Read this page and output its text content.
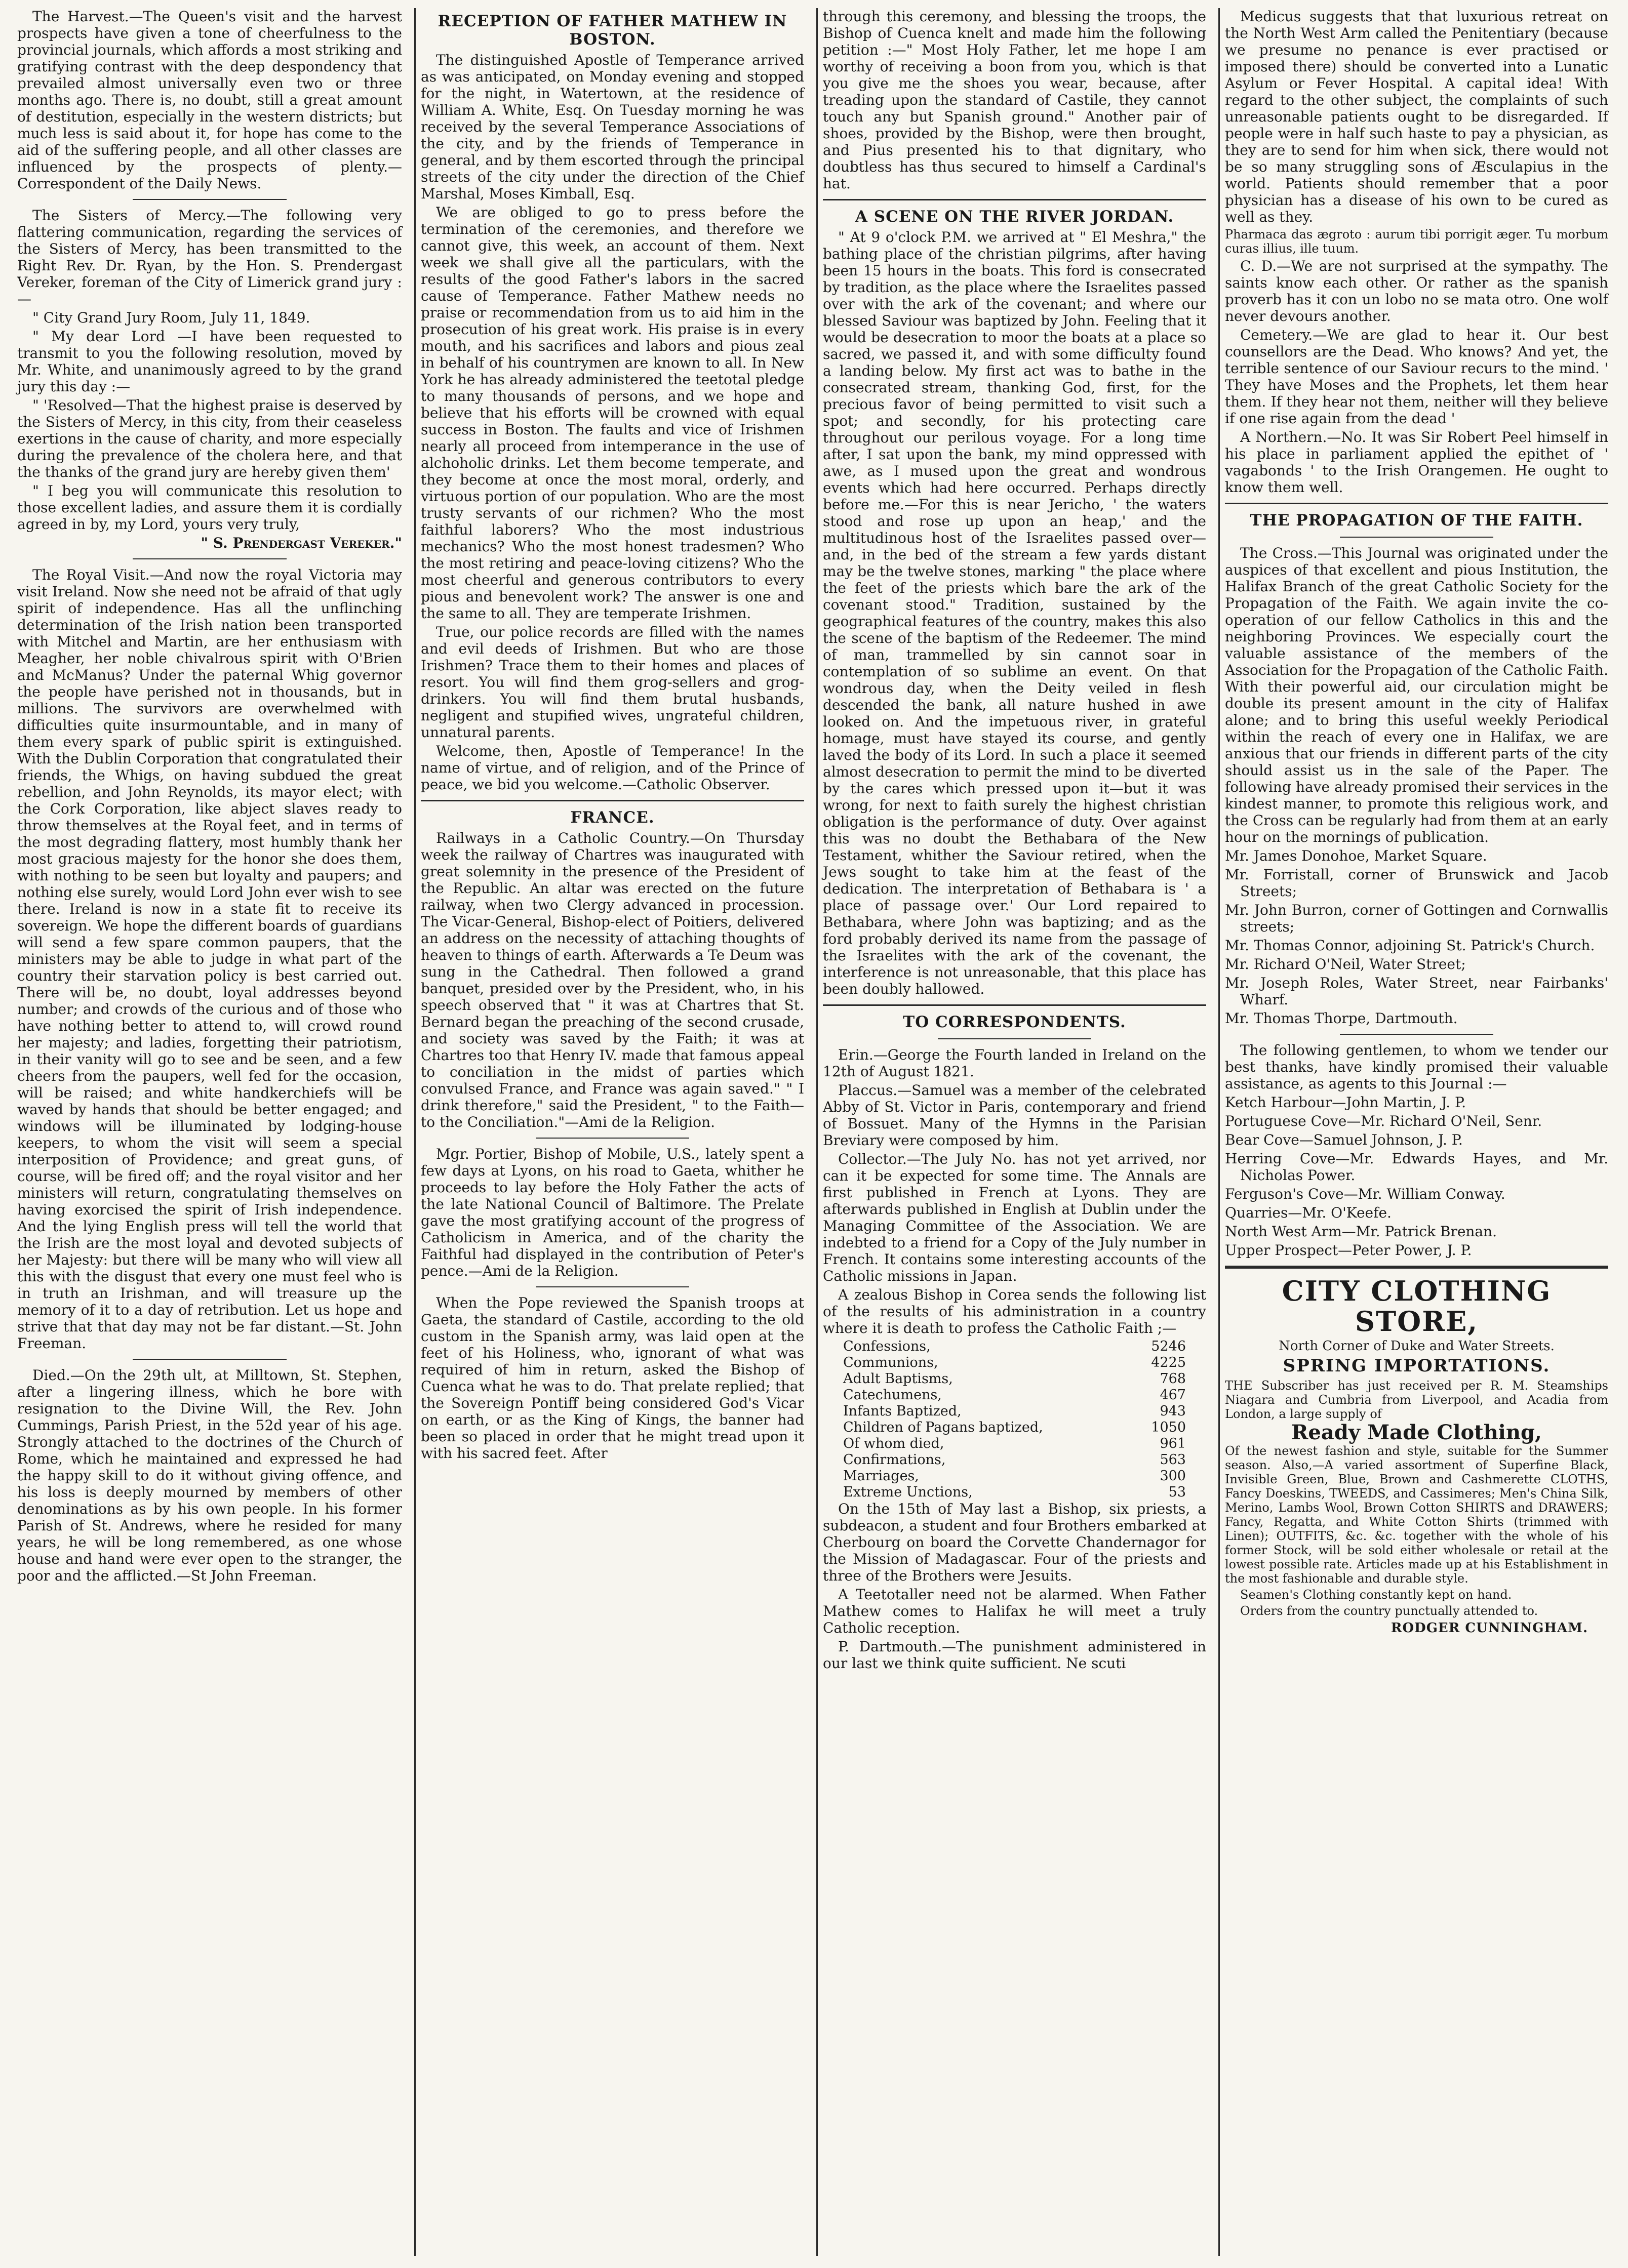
The Harvest.—The Queen's visit and the harvest prospects have given a tone of cheerfulness to the provincial journals, which affords a most striking and gratifying contrast with the deep despondency that prevailed almost universally even two or three months ago. There is, no doubt, still a great amount of destitution, especially in the western districts; but much less is said about it, for hope has come to the aid of the suffering people, and all other classes are influenced by the prospects of plenty.—Correspondent of the Daily News.

The Sisters of Mercy.—The following very flattering communication, regarding the services of the Sisters of Mercy, has been transmitted to the Right Rev. Dr. Ryan, by the Hon. S. Prendergast Vereker, foreman of the City of Limerick grand jury :—

" City Grand Jury Room, July 11, 1849.

" My dear Lord —I have been requested to transmit to you the following resolution, moved by Mr. White, and unanimously agreed to by the grand jury this day :—

" 'Resolved—That the highest praise is deserved by the Sisters of Mercy, in this city, from their ceaseless exertions in the cause of charity, and more especially during the prevalence of the cholera here, and that the thanks of the grand jury are hereby given them'

" I beg you will communicate this resolution to those excellent ladies, and assure them it is cordially agreed in by, my Lord, yours very truly,

" S. Prendergast Vereker."

The Royal Visit.—And now the royal Victoria may visit Ireland. Now she need not be afraid of that ugly spirit of independence. Has all the unflinching determination of the Irish nation been transported with Mitchel and Martin, are her enthusiasm with Meagher, her noble chivalrous spirit with O'Brien and McManus? Under the paternal Whig governor the people have perished not in thousands, but in millions. The survivors are overwhelmed with difficulties quite insurmountable, and in many of them every spark of public spirit is extinguished. With the Dublin Corporation that congratulated their friends, the Whigs, on having subdued the great rebellion, and John Reynolds, its mayor elect; with the Cork Corporation, like abject slaves ready to throw themselves at the Royal feet, and in terms of the most degrading flattery, most humbly thank her most gracious majesty for the honor she does them, with nothing to be seen but loyalty and paupers; and nothing else surely, would Lord John ever wish to see there. Ireland is now in a state fit to receive its sovereign. We hope the different boards of guardians will send a few spare common paupers, that the ministers may be able to judge in what part of the country their starvation policy is best carried out. There will be, no doubt, loyal addresses beyond number; and crowds of the curious and of those who have nothing better to attend to, will crowd round her majesty; and ladies, forgetting their patriotism, in their vanity will go to see and be seen, and a few cheers from the paupers, well fed for the occasion, will be raised; and white handkerchiefs will be waved by hands that should be better engaged; and windows will be illuminated by lodging-house keepers, to whom the visit will seem a special interposition of Providence; and great guns, of course, will be fired off; and the royal visitor and her ministers will return, congratulating themselves on having exorcised the spirit of Irish independence. And the lying English press will tell the world that the Irish are the most loyal and devoted subjects of her Majesty: but there will be many who will view all this with the disgust that every one must feel who is in truth an Irishman, and will treasure up the memory of it to a day of retribution. Let us hope and strive that that day may not be far distant.—St. John Freeman.

Died.—On the 29th ult, at Milltown, St. Stephen, after a lingering illness, which he bore with resignation to the Divine Will, the Rev. John Cummings, Parish Priest, in the 52d year of his age. Strongly attached to the doctrines of the Church of Rome, which he maintained and expressed he had the happy skill to do it without giving offence, and his loss is deeply mourned by members of other denominations as by his own people. In his former Parish of St. Andrews, where he resided for many years, he will be long remembered, as one whose house and hand were ever open to the stranger, the poor and the afflicted.—St John Freeman.

RECEPTION OF FATHER MATHEW IN BOSTON.

The distinguished Apostle of Temperance arrived as was anticipated, on Monday evening and stopped for the night, in Watertown, at the residence of William A. White, Esq. On Tuesday morning he was received by the several Temperance Associations of the city, and by the friends of Temperance in general, and by them escorted through the principal streets of the city under the direction of the Chief Marshal, Moses Kimball, Esq.

We are obliged to go to press before the termination of the ceremonies, and therefore we cannot give, this week, an account of them. Next week we shall give all the particulars, with the results of the good Father's labors in the sacred cause of Temperance. Father Mathew needs no praise or recommendation from us to aid him in the prosecution of his great work. His praise is in every mouth, and his sacrifices and labors and pious zeal in behalf of his countrymen are known to all. In New York he has already administered the teetotal pledge to many thousands of persons, and we hope and believe that his efforts will be crowned with equal success in Boston. The faults and vice of Irishmen nearly all proceed from intemperance in the use of alchoholic drinks. Let them become temperate, and they become at once the most moral, orderly, and virtuous portion of our population. Who are the most trusty servants of our richmen? Who the most faithful laborers? Who the most industrious mechanics? Who the most honest tradesmen? Who the most retiring and peace-loving citizens? Who the most cheerful and generous contributors to every pious and benevolent work? The answer is one and the same to all. They are temperate Irishmen.

True, our police records are filled with the names and evil deeds of Irishmen. But who are those Irishmen? Trace them to their homes and places of resort. You will find them grog-sellers and grog-drinkers. You will find them brutal husbands, negligent and stupified wives, ungrateful children, unnatural parents.

Welcome, then, Apostle of Temperance! In the name of virtue, and of religion, and of the Prince of peace, we bid you welcome.—Catholic Observer.

FRANCE.

Railways in a Catholic Country.—On Thursday week the railway of Chartres was inaugurated with great solemnity in the presence of the President of the Republic. An altar was erected on the future railway, when two Clergy advanced in procession. The Vicar-General, Bishop-elect of Poitiers, delivered an address on the necessity of attaching thoughts of heaven to things of earth. Afterwards a Te Deum was sung in the Cathedral. Then followed a grand banquet, presided over by the President, who, in his speech observed that " it was at Chartres that St. Bernard began the preaching of the second crusade, and society was saved by the Faith; it was at Chartres too that Henry IV. made that famous appeal to conciliation in the midst of parties which convulsed France, and France was again saved." " I drink therefore," said the President, " to the Faith—to the Conciliation."—Ami de la Religion.

Mgr. Portier, Bishop of Mobile, U.S., lately spent a few days at Lyons, on his road to Gaeta, whither he proceeds to lay before the Holy Father the acts of the late National Council of Baltimore. The Prelate gave the most gratifying account of the progress of Catholicism in America, and of the charity the Faithful had displayed in the contribution of Peter's pence.—Ami de la Religion.

When the Pope reviewed the Spanish troops at Gaeta, the standard of Castile, according to the old custom in the Spanish army, was laid open at the feet of his Holiness, who, ignorant of what was required of him in return, asked the Bishop of Cuenca what he was to do. That prelate replied; that the Sovereign Pontiff being considered God's Vicar on earth, or as the King of Kings, the banner had been so placed in order that he might tread upon it with his sacred feet. After

through this ceremony, and blessing the troops, the Bishop of Cuenca knelt and made him the following petition :—" Most Holy Father, let me hope I am worthy of receiving a boon from you, which is that you give me the shoes you wear, because, after treading upon the standard of Castile, they cannot touch any but Spanish ground." Another pair of shoes, provided by the Bishop, were then brought, and Pius presented his to that dignitary, who doubtless has thus secured to himself a Cardinal's hat.

A SCENE ON THE RIVER JORDAN.

" At 9 o'clock P.M. we arrived at " El Meshra," the bathing place of the christian pilgrims, after having been 15 hours in the boats. This ford is consecrated by tradition, as the place where the Israelites passed over with the ark of the covenant; and where our blessed Saviour was baptized by John. Feeling that it would be desecration to moor the boats at a place so sacred, we passed it, and with some difficulty found a landing below. My first act was to bathe in the consecrated stream, thanking God, first, for the precious favor of being permitted to visit such a spot; and secondly, for his protecting care throughout our perilous voyage. For a long time after, I sat upon the bank, my mind oppressed with awe, as I mused upon the great and wondrous events which had here occurred. Perhaps directly before me.—For this is near Jericho, ' the waters stood and rose up upon an heap,' and the multitudinous host of the Israelites passed over—and, in the bed of the stream a few yards distant may be the twelve stones, marking " the place where the feet of the priests which bare the ark of the covenant stood." Tradition, sustained by the geographical features of the country, makes this also the scene of the baptism of the Redeemer. The mind of man, trammelled by sin cannot soar in contemplation of so sublime an event. On that wondrous day, when the Deity veiled in flesh descended the bank, all nature hushed in awe looked on. And the impetuous river, in grateful homage, must have stayed its course, and gently laved the body of its Lord. In such a place it seemed almost desecration to permit the mind to be diverted by the cares which pressed upon it—but it was wrong, for next to faith surely the highest christian obligation is the performance of duty. Over against this was no doubt the Bethabara of the New Testament, whither the Saviour retired, when the Jews sought to take him at the feast of the dedication. The interpretation of Bethabara is ' a place of passage over.' Our Lord repaired to Bethabara, where John was baptizing; and as the ford probably derived its name from the passage of the Israelites with the ark of the covenant, the interference is not unreasonable, that this place has been doubly hallowed.

TO CORRESPONDENTS.

Erin.—George the Fourth landed in Ireland on the 12th of August 1821.

Placcus.—Samuel was a member of the celebrated Abby of St. Victor in Paris, contemporary and friend of Bossuet. Many of the Hymns in the Parisian Breviary were composed by him.

Collector.—The July No. has not yet arrived, nor can it be expected for some time. The Annals are first published in French at Lyons. They are afterwards published in English at Dublin under the Managing Committee of the Association. We are indebted to a friend for a Copy of the July number in French. It contains some interesting accounts of the Catholic missions in Japan.

A zealous Bishop in Corea sends the following list of the results of his administration in a country where it is death to profess the Catholic Faith ;—

Confessions,	5246
Communions,	4225
Adult Baptisms,	768
Catechumens,	467
Infants Baptized,	943
Children of Pagans baptized,	1050
Of whom died,	961
Confirmations,	563
Marriages,	300
Extreme Unctions,	53

On the 15th of May last a Bishop, six priests, a subdeacon, a student and four Brothers embarked at Cherbourg on board the Corvette Chandernagor for the Mission of Madagascar. Four of the priests and three of the Brothers were Jesuits.

A Teetotaller need not be alarmed. When Father Mathew comes to Halifax he will meet a truly Catholic reception.

P. Dartmouth.—The punishment administered in our last we think quite sufficient. Ne scuti

Medicus suggests that that luxurious retreat on the North West Arm called the Penitentiary (because we presume no penance is ever practised or imposed there) should be converted into a Lunatic Asylum or Fever Hospital. A capital idea! With regard to the other subject, the complaints of such unreasonable patients ought to be disregarded. If people were in half such haste to pay a physician, as they are to send for him when sick, there would not be so many struggling sons of Æsculapius in the world. Patients should remember that a poor physician has a disease of his own to be cured as well as they.

Pharmaca das ægroto : aurum tibi porrigit æger. Tu morbum curas illius, ille tuum.

C. D.—We are not surprised at the sympathy. The saints know each other. Or rather as the spanish proverb has it con un lobo no se mata otro. One wolf never devours another.

Cemetery.—We are glad to hear it. Our best counsellors are the Dead. Who knows? And yet, the terrible sentence of our Saviour recurs to the mind. ' They have Moses and the Prophets, let them hear them. If they hear not them, neither will they believe if one rise again from the dead '

A Northern.—No. It was Sir Robert Peel himself in his place in parliament applied the epithet of ' vagabonds ' to the Irish Orangemen. He ought to know them well.

THE PROPAGATION OF THE FAITH.

The Cross.—This Journal was originated under the auspices of that excellent and pious Institution, the Halifax Branch of the great Catholic Society for the Propagation of the Faith. We again invite the co-operation of our fellow Catholics in this and the neighboring Provinces. We especially court the valuable assistance of the members of the Association for the Propagation of the Catholic Faith. With their powerful aid, our circulation might be double its present amount in the city of Halifax alone; and to bring this useful weekly Periodical within the reach of every one in Halifax, we are anxious that our friends in different parts of the city should assist us in the sale of the Paper. The following have already promised their services in the kindest manner, to promote this religious work, and the Cross can be regularly had from them at an early hour on the mornings of publication.

Mr. James Donohoe, Market Square.

Mr. Forristall, corner of Brunswick and Jacob Streets;

Mr. John Burron, corner of Gottingen and Cornwallis streets;

Mr. Thomas Connor, adjoining St. Patrick's Church.

Mr. Richard O'Neil, Water Street;

Mr. Joseph Roles, Water Street, near Fairbanks' Wharf.

Mr. Thomas Thorpe, Dartmouth.

The following gentlemen, to whom we tender our best thanks, have kindly promised their valuable assistance, as agents to this Journal :—

Ketch Harbour—John Martin, J. P.

Portuguese Cove—Mr. Richard O'Neil, Senr.

Bear Cove—Samuel Johnson, J. P.

Herring Cove—Mr. Edwards Hayes, and Mr. Nicholas Power.

Ferguson's Cove—Mr. William Conway.

Quarries—Mr. O'Keefe.

North West Arm—Mr. Patrick Brenan.

Upper Prospect—Peter Power, J. P.

CITY CLOTHING STORE,
North Corner of Duke and Water Streets.
SPRING IMPORTATIONS.

THE Subscriber has just received per R. M. Steamships Niagara and Cumbria from Liverpool, and Acadia from London, a large supply of

Ready Made Clothing,

Of the newest fashion and style, suitable for the Summer season. Also,—A varied assortment of Superfine Black, Invisible Green, Blue, Brown and Cashmerette CLOTHS, Fancy Doeskins, TWEEDS, and Cassimeres; Men's China Silk, Merino, Lambs Wool, Brown Cotton SHIRTS and DRAWERS; Fancy, Regatta, and White Cotton Shirts (trimmed with Linen); OUTFITS, &c. &c. together with the whole of his former Stock, will be sold either wholesale or retail at the lowest possible rate. Articles made up at his Establishment in the most fashionable and durable style.

Seamen's Clothing constantly kept on hand.

Orders from the country punctually attended to.

RODGER CUNNINGHAM.
